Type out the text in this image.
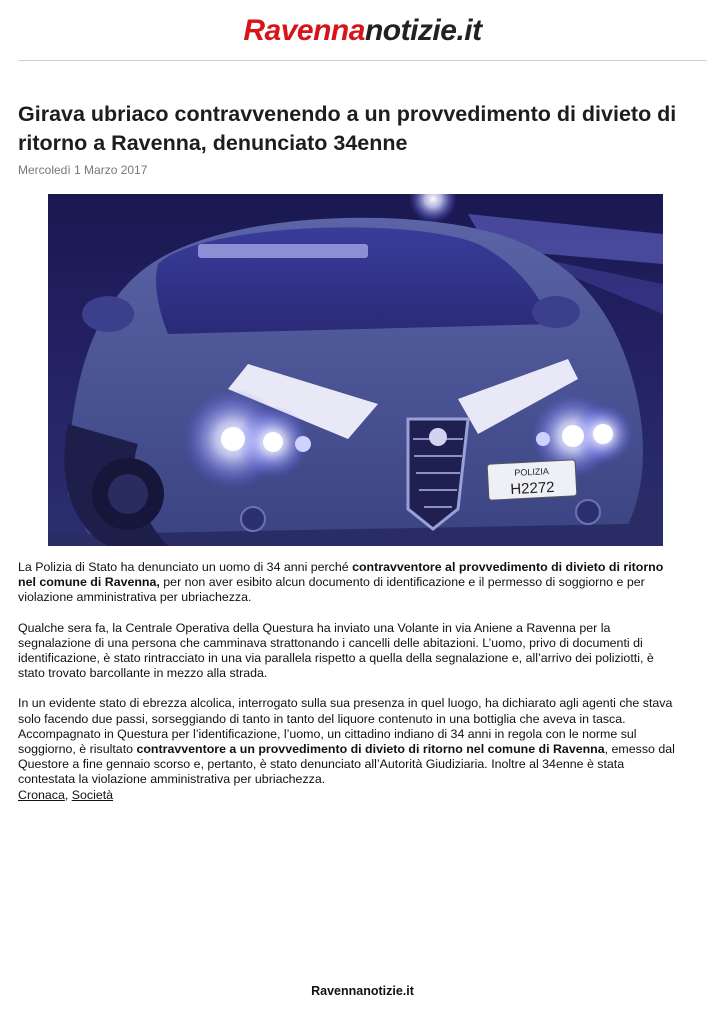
Ravennanotizie.it
Girava ubriaco contravvenendo a un provvedimento di divieto di ritorno a Ravenna, denunciato 34enne
Mercoledì 1 Marzo 2017
POLIZIA
H2272

La Polizia di Stato ha denunciato un uomo di 34 anni perché contravventore al provvedimento di divieto di ritorno nel comune di Ravenna, per non aver esibito alcun documento di identificazione e il permesso di soggiorno e per violazione amministrativa per ubriachezza.

Qualche sera fa, la Centrale Operativa della Questura ha inviato una Volante in via Aniene a Ravenna per la segnalazione di una persona che camminava strattonando i cancelli delle abitazioni. L’uomo, privo di documenti di identificazione, è stato rintracciato in una via parallela rispetto a quella della segnalazione e, all’arrivo dei poliziotti, è stato trovato barcollante in mezzo alla strada.

In un evidente stato di ebrezza alcolica, interrogato sulla sua presenza in quel luogo, ha dichiarato agli agenti che stava solo facendo due passi, sorseggiando di tanto in tanto del liquore contenuto in una bottiglia che aveva in tasca. Accompagnato in Questura per l’identificazione, l’uomo, un cittadino indiano di 34 anni in regola con le norme sul soggiorno, è risultato contravventore a un provvedimento di divieto di ritorno nel comune di Ravenna, emesso dal Questore a fine gennaio scorso e, pertanto, è stato denunciato all’Autorità Giudiziaria. Inoltre al 34enne è stata contestata la violazione amministrativa per ubriachezza.

Cronaca, Società
Ravennanotizie.it
